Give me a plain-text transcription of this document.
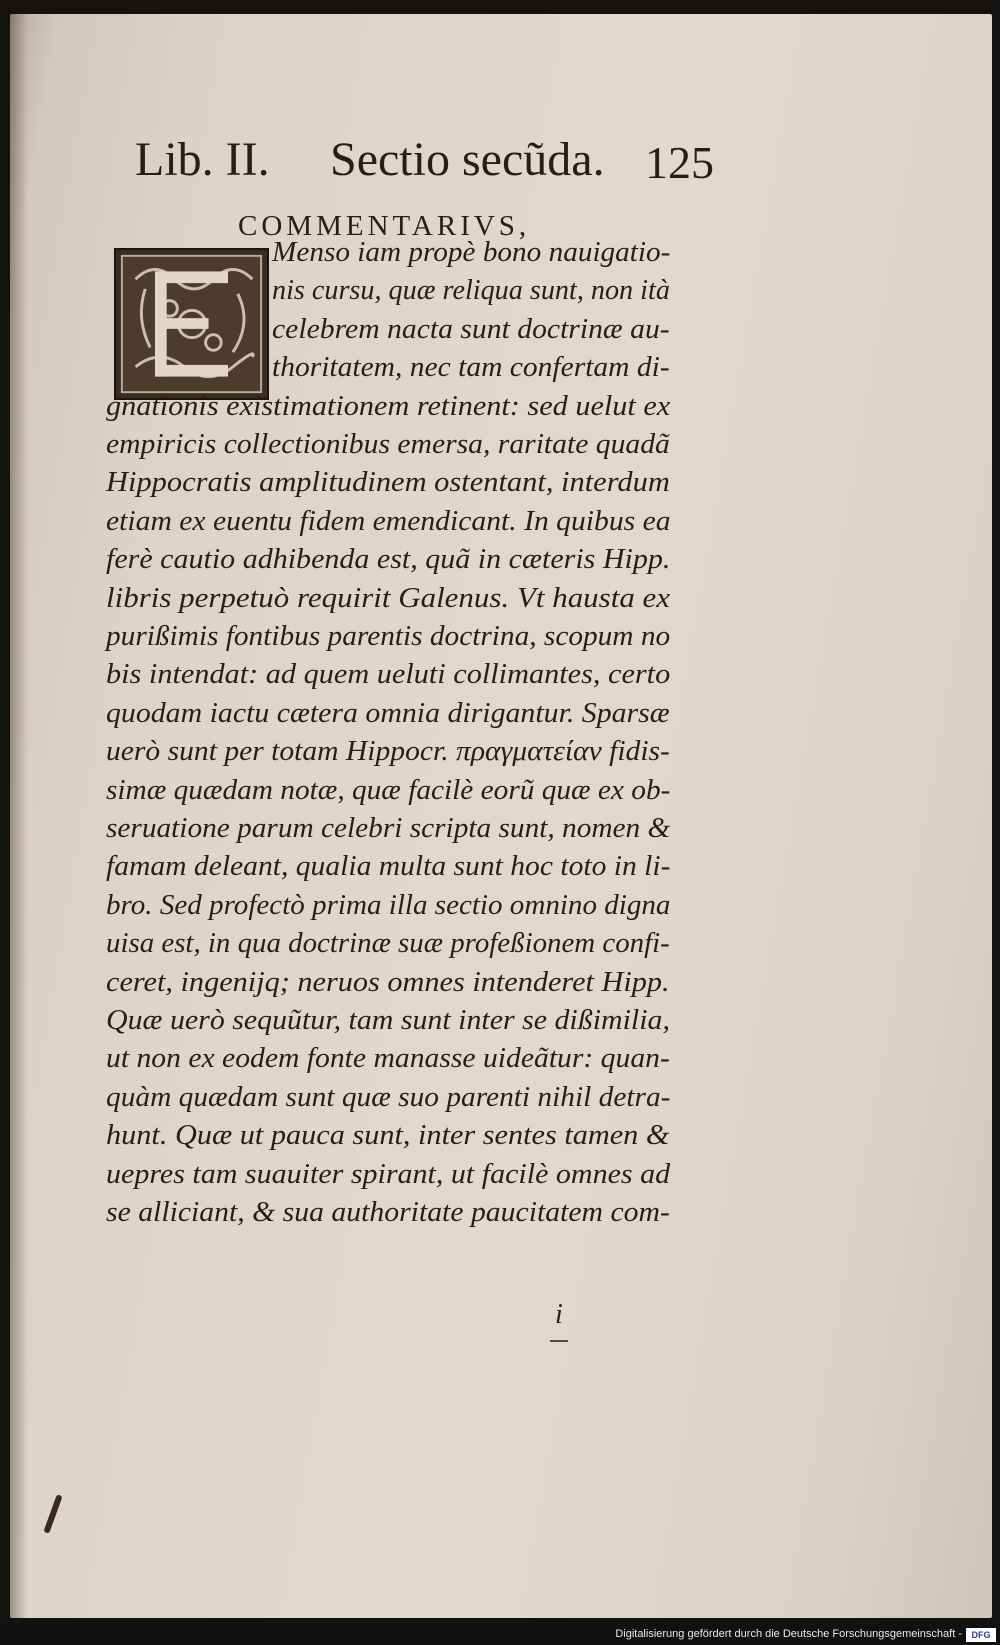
Lib. II. Sectio secũda. 125
COMMENTARIVS,
Menso iam propè bono nauigatio-
nis cursu, quæ reliqua sunt, non ità
celebrem nacta sunt doctrinæ au-
thoritatem, nec tam confertam di-
gnationis existimationem retinent: sed uelut ex
empiricis collectionibus emersa, raritate quadã
Hippocratis amplitudinem ostentant, interdum
etiam ex euentu fidem emendicant. In quibus ea
ferè cautio adhibenda est, quã in cæteris Hipp.
libris perpetuò requirit Galenus. Vt hausta ex
purißimis fontibus parentis doctrina, scopum no
bis intendat: ad quem ueluti collimantes, certo
quodam iactu cætera omnia dirigantur. Sparsæ
uerò sunt per totam Hippocr. πραγματείαν fidis-
simæ quædam notæ, quæ facilè eorũ quæ ex ob-
seruatione parum celebri scripta sunt, nomen &
famam deleant, qualia multa sunt hoc toto in li-
bro. Sed profectò prima illa sectio omnino digna
uisa est, in qua doctrinæ suæ profeßionem confi-
ceret, ingenijq; neruos omnes intenderet Hipp.
Quæ uerò sequũtur, tam sunt inter se dißimilia,
ut non ex eodem fonte manasse uideãtur: quan-
quàm quædam sunt quæ suo parenti nihil detra-
hunt. Quæ ut pauca sunt, inter sentes tamen &
uepres tam suauiter spirant, ut facilè omnes ad
se alliciant, & sua authoritate paucitatem com-
i
Digitalisierung gefördert durch die Deutsche Forschungsgemeinschaft -	DFG
